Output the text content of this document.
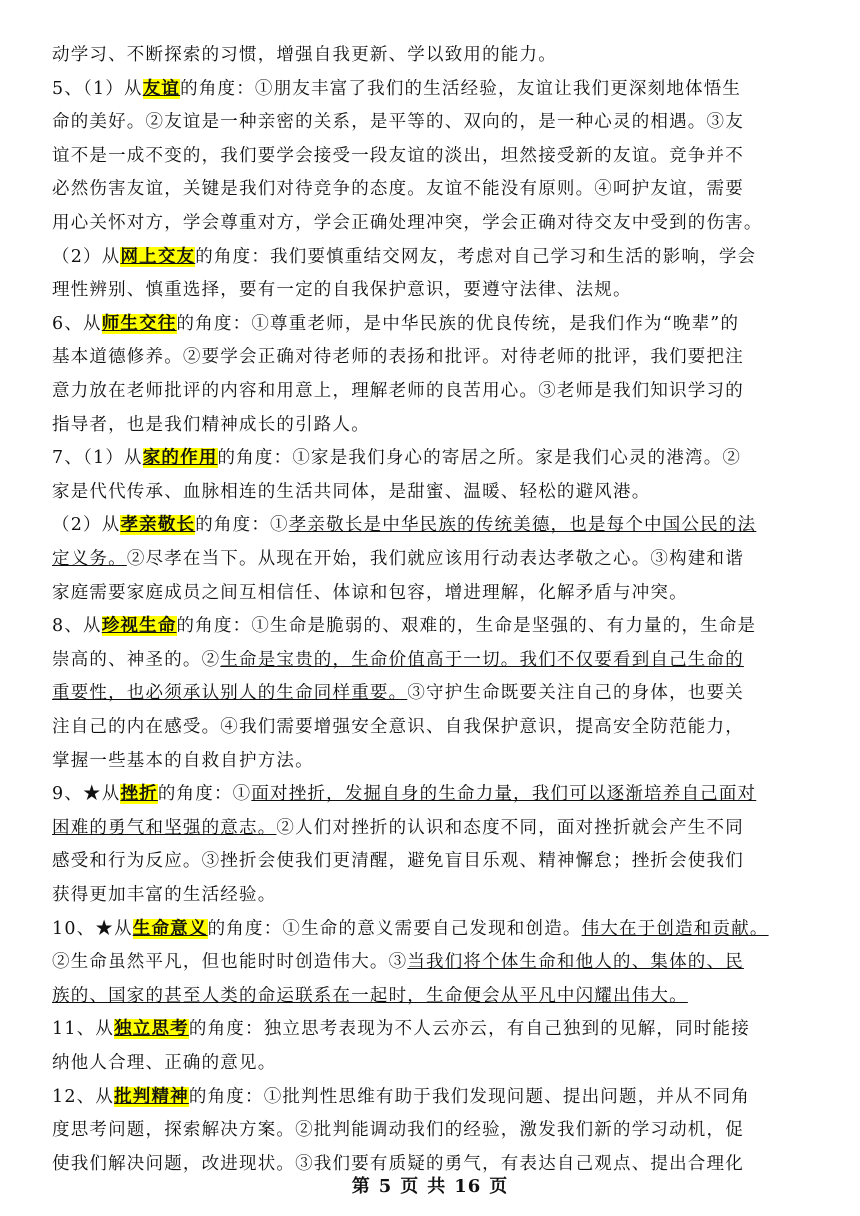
动学习、不断探索的习惯，增强自我更新、学以致用的能力。
5、（1）从友谊的角度：①朋友丰富了我们的生活经验，友谊让我们更深刻地体悟生
命的美好。②友谊是一种亲密的关系，是平等的、双向的，是一种心灵的相遇。③友
谊不是一成不变的，我们要学会接受一段友谊的淡出，坦然接受新的友谊。竞争并不
必然伤害友谊，关键是我们对待竞争的态度。友谊不能没有原则。④呵护友谊，需要
用心关怀对方，学会尊重对方，学会正确处理冲突，学会正确对待交友中受到的伤害。
（2）从网上交友的角度：我们要慎重结交网友，考虑对自己学习和生活的影响，学会
理性辨别、慎重选择，要有一定的自我保护意识，要遵守法律、法规。
6、从师生交往的角度：①尊重老师，是中华民族的优良传统，是我们作为“晚辈”的
基本道德修养。②要学会正确对待老师的表扬和批评。对待老师的批评，我们要把注
意力放在老师批评的内容和用意上，理解老师的良苦用心。③老师是我们知识学习的
指导者，也是我们精神成长的引路人。
7、（1）从家的作用的角度：①家是我们身心的寄居之所。家是我们心灵的港湾。②
家是代代传承、血脉相连的生活共同体，是甜蜜、温暖、轻松的避风港。
（2）从孝亲敬长的角度：①孝亲敬长是中华民族的传统美德，也是每个中国公民的法
定义务。②尽孝在当下。从现在开始，我们就应该用行动表达孝敬之心。③构建和谐
家庭需要家庭成员之间互相信任、体谅和包容，增进理解，化解矛盾与冲突。
8、从珍视生命的角度：①生命是脆弱的、艰难的，生命是坚强的、有力量的，生命是
崇高的、神圣的。②生命是宝贵的，生命价值高于一切。我们不仅要看到自己生命的
重要性，也必须承认别人的生命同样重要。③守护生命既要关注自己的身体，也要关
注自己的内在感受。④我们需要增强安全意识、自我保护意识，提高安全防范能力，
掌握一些基本的自救自护方法。
9、★从挫折的角度：①面对挫折，发掘自身的生命力量，我们可以逐渐培养自己面对
困难的勇气和坚强的意志。②人们对挫折的认识和态度不同，面对挫折就会产生不同
感受和行为反应。③挫折会使我们更清醒，避免盲目乐观、精神懈怠；挫折会使我们
获得更加丰富的生活经验。
10、★从生命意义的角度：①生命的意义需要自己发现和创造。伟大在于创造和贡献。
②生命虽然平凡，但也能时时创造伟大。③当我们将个体生命和他人的、集体的、民
族的、国家的甚至人类的命运联系在一起时，生命便会从平凡中闪耀出伟大。
11、从独立思考的角度：独立思考表现为不人云亦云，有自己独到的见解，同时能接
纳他人合理、正确的意见。
12、从批判精神的角度：①批判性思维有助于我们发现问题、提出问题，并从不同角
度思考问题，探索解决方案。②批判能调动我们的经验，激发我们新的学习动机，促
使我们解决问题，改进现状。③我们要有质疑的勇气，有表达自己观点、提出合理化
第 5 页 共 16 页
